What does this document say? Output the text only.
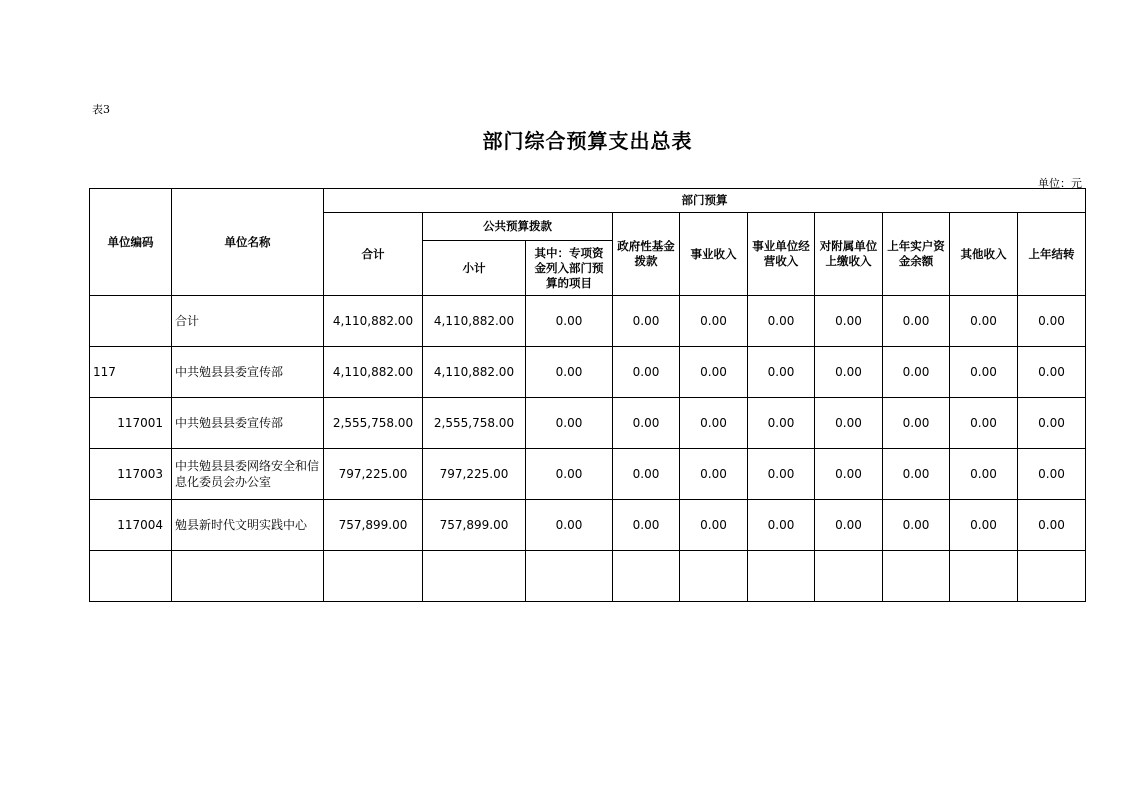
表3
部门综合预算支出总表
单位：元
单位编码	单位名称	部门预算									
		合计	公共预算拨款		政府性基金拨款	事业收入	事业单位经营收入	对附属单位上缴收入	上年实户资金余额	其他收入	上年结转
			小计	其中：专项资金列入部门预算的项目							
	合计	4,110,882.00	4,110,882.00	0.00	0.00	0.00	0.00	0.00	0.00	0.00	0.00
117	中共勉县县委宣传部	4,110,882.00	4,110,882.00	0.00	0.00	0.00	0.00	0.00	0.00	0.00	0.00
117001	中共勉县县委宣传部	2,555,758.00	2,555,758.00	0.00	0.00	0.00	0.00	0.00	0.00	0.00	0.00
117003	中共勉县县委网络安全和信息化委员会办公室	797,225.00	797,225.00	0.00	0.00	0.00	0.00	0.00	0.00	0.00	0.00
117004	勉县新时代文明实践中心	757,899.00	757,899.00	0.00	0.00	0.00	0.00	0.00	0.00	0.00	0.00
